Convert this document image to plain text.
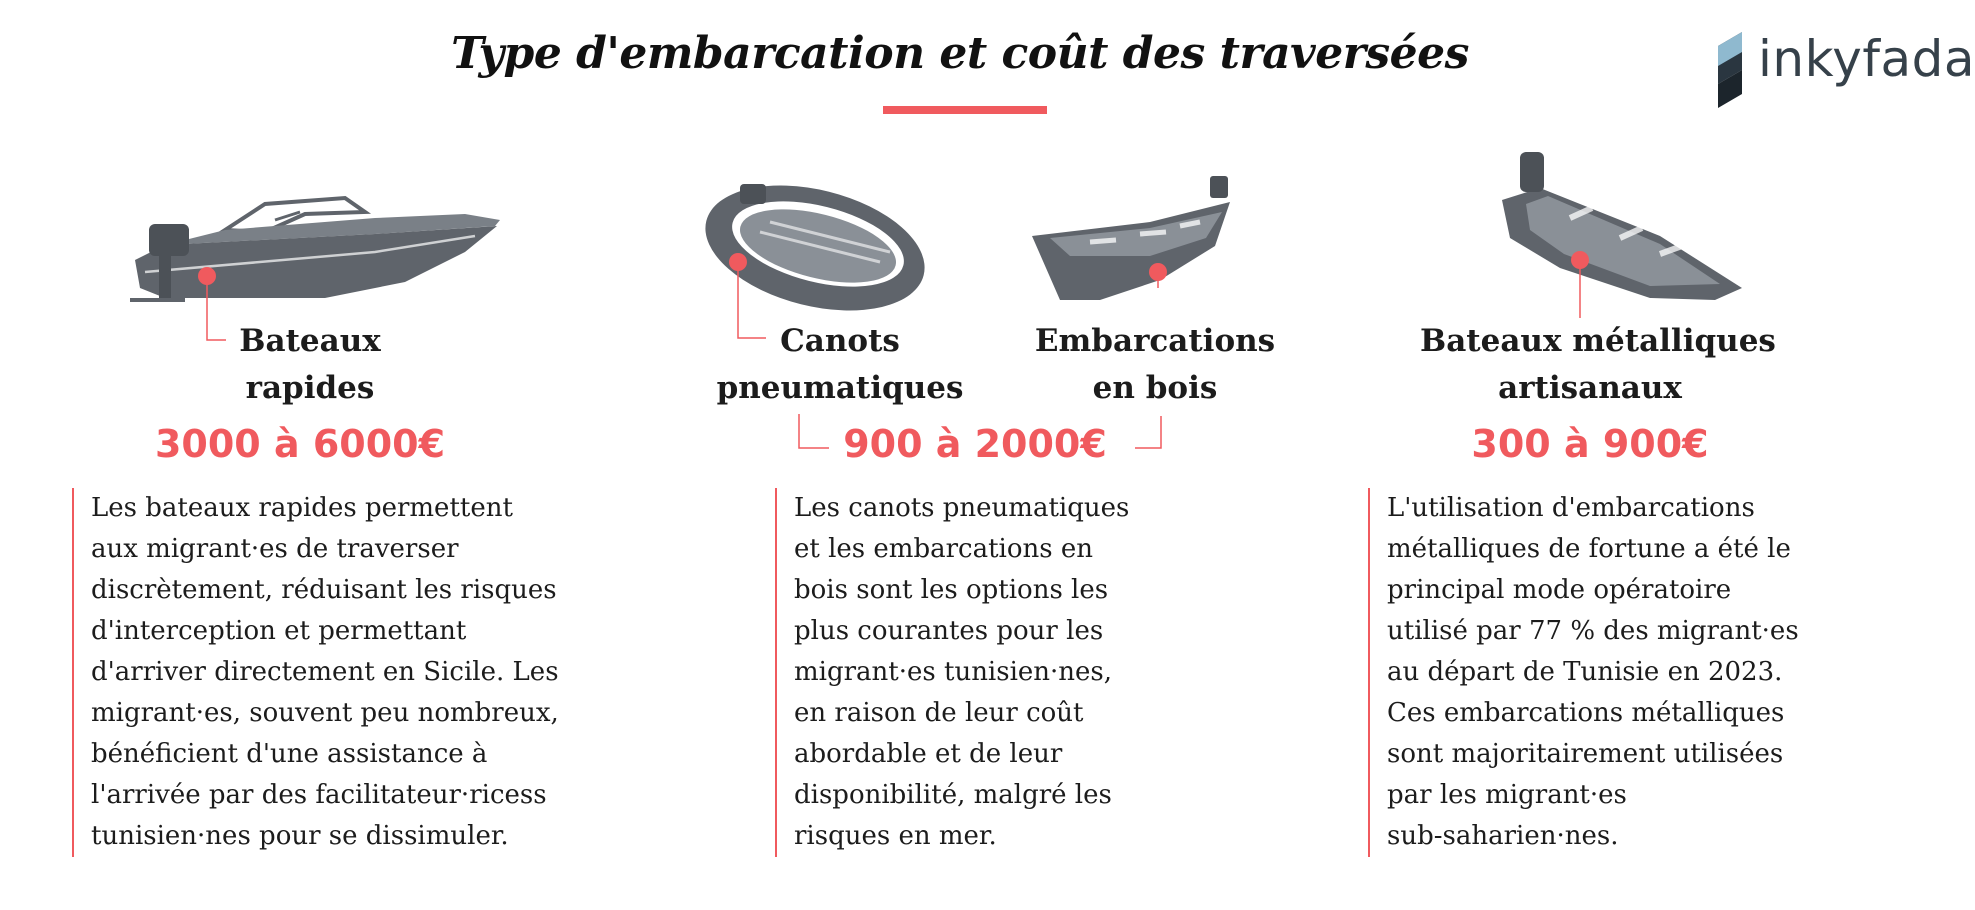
Type d'embarcation et coût des traversées	inkyfada
Bateaux
rapides
3000 à 6000€
Les bateaux rapides permettent
aux migrant·es de traverser
discrètement, réduisant les risques
d'interception et permettant
d'arriver directement en Sicile. Les
migrant·es, souvent peu nombreux,
bénéficient d'une assistance à
l'arrivée par des facilitateur·ricess
tunisien·nes pour se dissimuler.
Canots
pneumatiques
Embarcations
en bois
900 à 2000€
Les canots pneumatiques
et les embarcations en
bois sont les options les
plus courantes pour les
migrant·es tunisien·nes,
en raison de leur coût
abordable et de leur
disponibilité, malgré les
risques en mer.
Bateaux métalliques
artisanaux
300 à 900€
L'utilisation d'embarcations
métalliques de fortune a été le
principal mode opératoire
utilisé par 77 % des migrant·es
au départ de Tunisie en 2023.
Ces embarcations métalliques
sont majoritairement utilisées
par les migrant·es
sub-saharien·nes.
